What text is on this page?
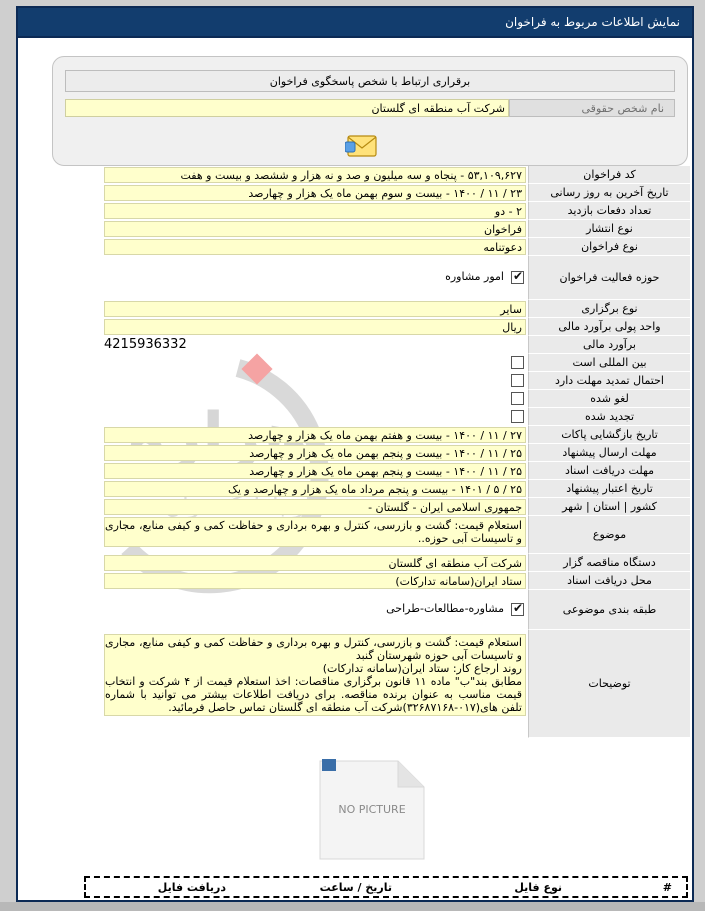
نمایش اطلاعات مربوط به فراخوان
برقراری ارتباط با شخص پاسخگوی فراخوان
نام شخص حقوقی
شرکت آب منطقه ای گلستان
کد فراخوان
۵۳,۱۰۹,۶۲۷ - پنجاه و سه میلیون و صد و نه هزار و ششصد و بیست و هفت
تاریخ آخرین به روز رسانی
۲۳ / ۱۱ / ۱۴۰۰ - بیست و سوم بهمن ماه یک هزار و چهارصد
تعداد دفعات بازدید
۲ - دو
نوع انتشار
فراخوان
نوع فراخوان
دعوتنامه
حوزه فعالیت فراخوان
✔
امور مشاوره
نوع برگزاری
سایر
واحد پولی برآورد مالی
ریال
برآورد مالی
4215936332
بین المللی است
احتمال تمدید مهلت دارد
لغو شده
تجدید شده
تاریخ بازگشایی پاکات
۲۷ / ۱۱ / ۱۴۰۰ - بیست و هفتم بهمن ماه یک هزار و چهارصد
مهلت ارسال پیشنهاد
۲۵ / ۱۱ / ۱۴۰۰ - بیست و پنجم بهمن ماه یک هزار و چهارصد
مهلت دریافت اسناد
۲۵ / ۱۱ / ۱۴۰۰ - بیست و پنجم بهمن ماه یک هزار و چهارصد
تاریخ اعتبار پیشنهاد
۲۵ / ۵ / ۱۴۰۱ - بیست و پنجم مرداد ماه یک هزار و چهارصد و یک
کشور | استان | شهر
جمهوری اسلامی ایران - گلستان -
موضوع
استعلام قیمت: گشت و بازرسی، کنترل و بهره برداری و حفاظت کمی و کیفی منابع، مجاری و تاسیسات آبی حوزه..
دستگاه مناقصه گزار
شرکت آب منطقه ای گلستان
محل دریافت اسناد
ستاد ایران(سامانه تدارکات)
طبقه بندی موضوعی
✔
مشاوره-مطالعات-طراحی
توضیحات
استعلام قیمت: گشت و بازرسی، کنترل و بهره برداری و حفاظت کمی و کیفی منابع، مجاری و تاسیسات آبی حوزه شهرستان گنبد
روند ارجاع کار: ستاد ایران(سامانه تدارکات)
مطابق بند"ب" ماده ۱۱ قانون برگزاری مناقصات: اخذ استعلام قیمت از ۴ شرکت و انتخاب قیمت مناسب به عنوان برنده مناقصه. برای دریافت اطلاعات بیشتر می توانید با شماره تلفن های(۰۱۷-۳۲۶۸۷۱۶۸)شرکت آب منطقه ای گلستان تماس حاصل فرمائید.
NO PICTURE
#
نوع فایل
تاریخ / ساعت
دریافت فایل
